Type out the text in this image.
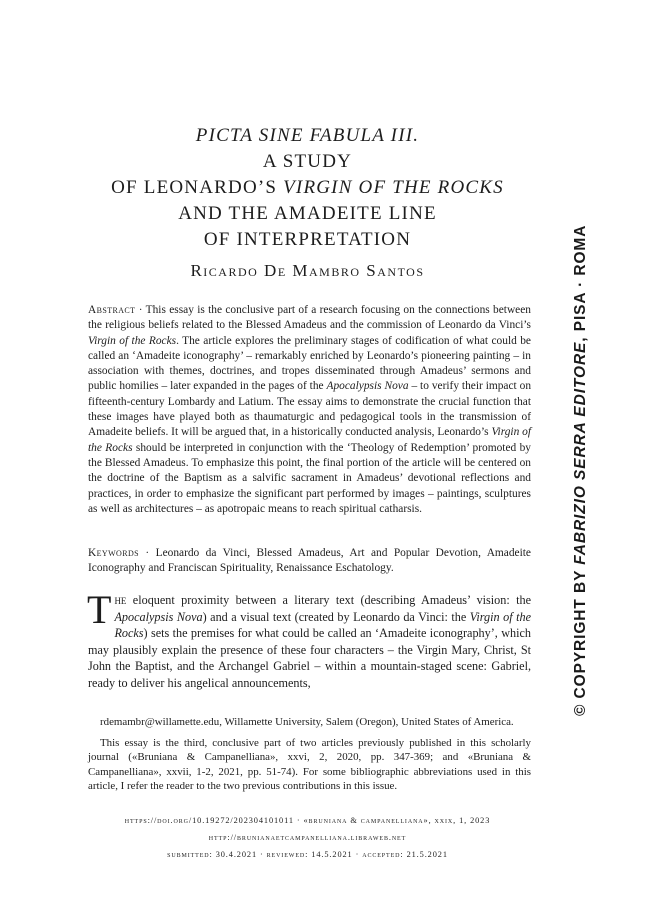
PICTA SINE FABULA III.
A STUDY
OF LEONARDO’S VIRGIN OF THE ROCKS
AND THE AMADEITE LINE
OF INTERPRETATION
Ricardo De Mambro Santos
Abstract · This essay is the conclusive part of a research focusing on the connections between the religious beliefs related to the Blessed Amadeus and the commission of Leonardo da Vinci’s Virgin of the Rocks. The article explores the preliminary stages of codification of what could be called an ‘Amadeite iconography’ – remarkably enriched by Leonardo’s pioneering painting – in association with themes, doctrines, and tropes disseminated through Amadeus’ sermons and public homilies – later expanded in the pages of the Apocalypsis Nova – to verify their impact on fifteenth-century Lombardy and Latium. The essay aims to demonstrate the crucial function that these images have played both as thaumaturgic and pedagogical tools in the transmission of Amadeite beliefs. It will be argued that, in a historically conducted analysis, Leonardo’s Virgin of the Rocks should be interpreted in conjunction with the ‘Theology of Redemption’ promoted by the Blessed Amadeus. To emphasize this point, the final portion of the article will be centered on the doctrine of the Baptism as a salvific sacrament in Amadeus’ devotional reflections and practices, in order to emphasize the significant part performed by images – paintings, sculptures as well as architectures – as apotropaic means to reach spiritual catharsis.
Keywords · Leonardo da Vinci, Blessed Amadeus, Art and Popular Devotion, Amadeite Iconography and Franciscan Spirituality, Renaissance Eschatology.
The eloquent proximity between a literary text (describing Amadeus’ vision: the Apocalypsis Nova) and a visual text (created by Leonardo da Vinci: the Virgin of the Rocks) sets the premises for what could be called an ‘Amadeite iconography’, which may plausibly explain the presence of these four characters – the Virgin Mary, Christ, St John the Baptist, and the Archangel Gabriel – within a mountain-staged scene: Gabriel, ready to deliver his angelical announcements,

rdemambr@willamette.edu, Willamette University, Salem (Oregon), United States of America.

This essay is the third, conclusive part of two articles previously published in this scholarly journal («Bruniana & Campanelliana», xxvi, 2, 2020, pp. 347-369; and «Bruniana & Campanelliana», xxvii, 1-2, 2021, pp. 51-74). For some bibliographic abbreviations used in this article, I refer the reader to the two previous contributions in this issue.

https://doi.org/10.19272/202304101011 · «bruniana & campanelliana», xxix, 1, 2023
http://brunianaetcampanelliana.libraweb.net
submitted: 30.4.2021 · reviewed: 14.5.2021 · accepted: 21.5.2021
© COPYRIGHT BY FABRIZIO SERRA EDITORE, PISA · ROMA
